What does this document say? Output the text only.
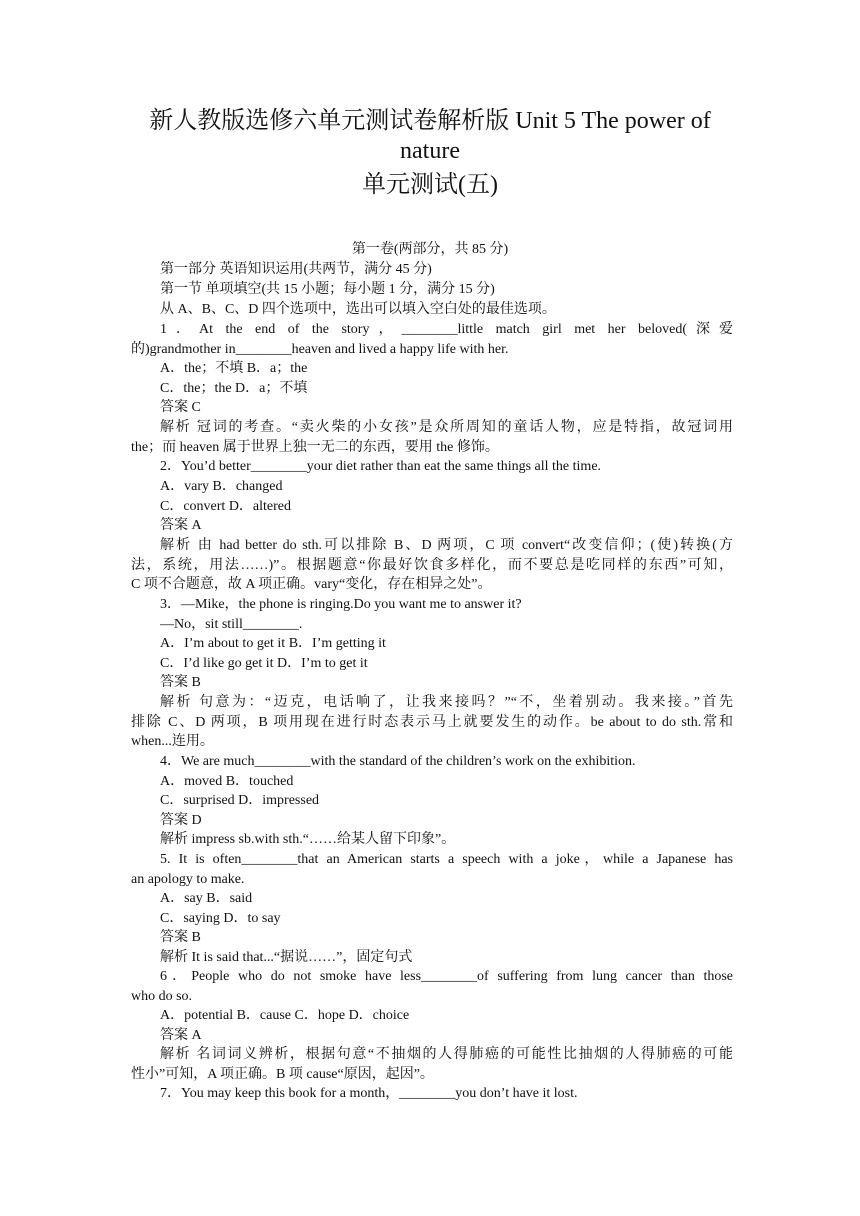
新人教版选修六单元测试卷解析版 Unit 5 The power of
nature
单元测试(五)
第一卷(两部分，共 85 分)
第一部分 英语知识运用(共两节，满分 45 分)
第一节 单项填空(共 15 小题；每小题 1 分，满分 15 分)
从 A、B、C、D 四个选项中，选出可以填入空白处的最佳选项。
1．At the end of the story，________little match girl met her beloved(深爱
的)grandmother in________heaven and lived a happy life with her.
A．the；不填 B．a；the
C．the；the D．a；不填
答案 C
解析 冠词的考查。“卖火柴的小女孩”是众所周知的童话人物，应是特指，故冠词用
the；而 heaven 属于世界上独一无二的东西，要用 the 修饰。
2．You’d better________your diet rather than eat the same things all the time.
A．vary B．changed
C．convert D．altered
答案 A
解析 由 had better do sth.可以排除 B、D 两项，C 项 convert“改变信仰；(使)转换(方
法，系统，用法……)”。根据题意“你最好饮食多样化，而不要总是吃同样的东西”可知，
C 项不合题意，故 A 项正确。vary“变化，存在相异之处”。
3．—Mike，the phone is ringing.Do you want me to answer it?
—No，sit still________.
A．I’m about to get it B．I’m getting it
C．I’d like go get it D．I’m to get it
答案 B
解析 句意为：“迈克，电话响了，让我来接吗？”“不，坐着别动。我来接。”首先
排除 C、D 两项，B 项用现在进行时态表示马上就要发生的动作。be about to do sth.常和
when...连用。
4．We are much________with the standard of the children’s work on the exhibition.
A．moved B．touched
C．surprised D．impressed
答案 D
解析 impress sb.with sth.“……给某人留下印象”。
5. It is often________that an American starts a speech with a joke，while a Japanese has
an apology to make.
A．say B．said
C．saying D．to say
答案 B
解析 It is said that...“据说……”，固定句式
6．People who do not smoke have less________of suffering from lung cancer than those
who do so.
A．potential B．cause C．hope D．choice
答案 A
解析 名词词义辨析，根据句意“不抽烟的人得肺癌的可能性比抽烟的人得肺癌的可能
性小”可知，A 项正确。B 项 cause“原因，起因”。
7．You may keep this book for a month，________you don’t have it lost.
